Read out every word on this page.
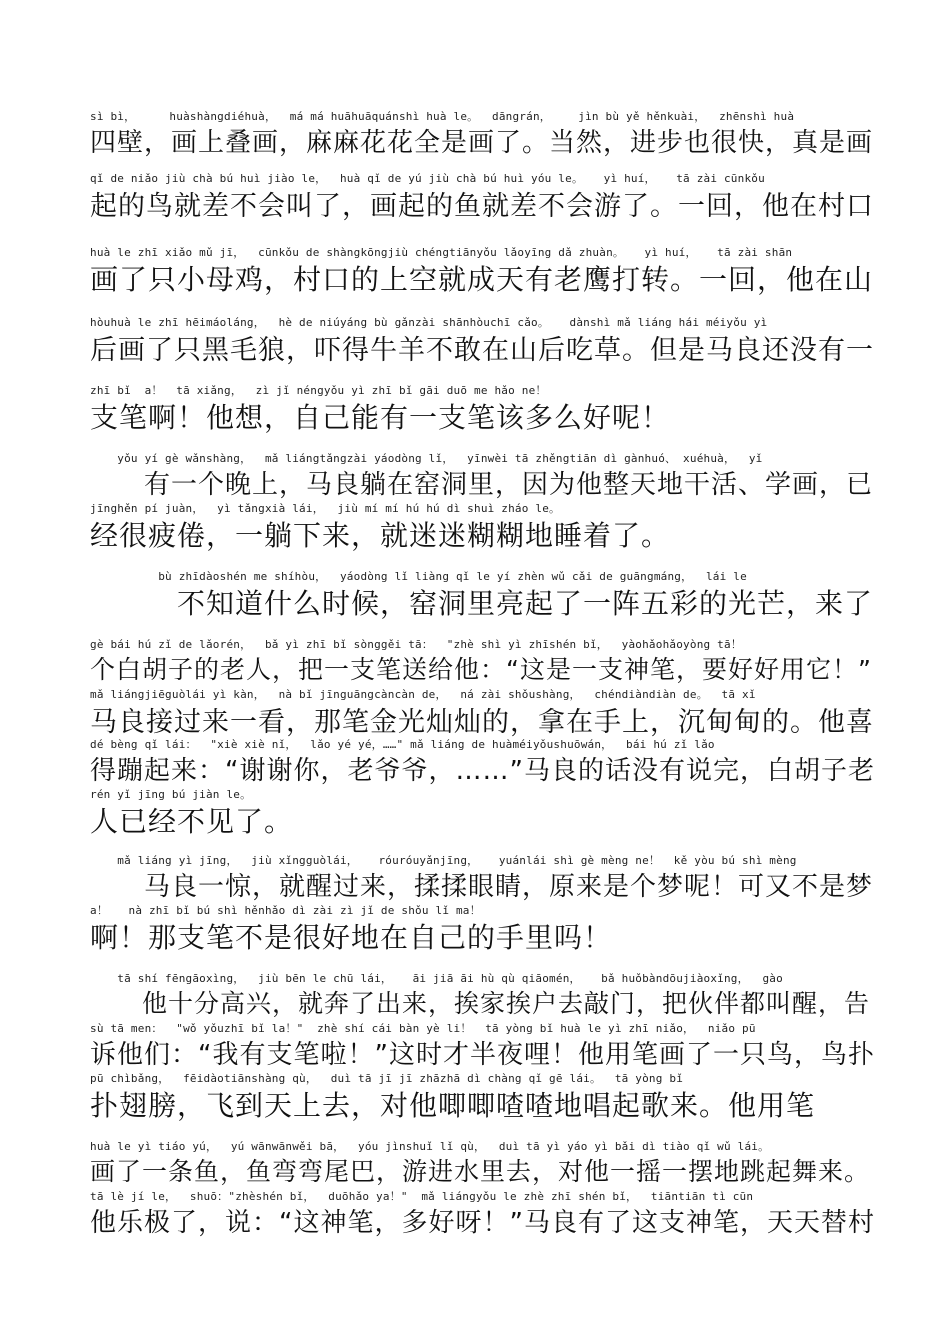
sì bì，     huàshàngdiéhuà，  má má huāhuāquánshì huà le。  dāngrán，    jìn bù yě hěnkuài，  zhēnshì huà
四壁，画上叠画，麻麻花花全是画了。当然，进步也很快，真是画
qǐ de niǎo jiù chà bú huì jiào le，  huà qǐ de yú jiù chà bú huì yóu le。   yì huí，   tā zài cūnkǒu
起的鸟就差不会叫了，画起的鱼就差不会游了。一回，他在村口
huà le zhī xiǎo mǔ jī，  cūnkǒu de shàngkōngjiù chéngtiānyǒu lǎoyīng dǎ zhuàn。   yì huí，   tā zài shān
画了只小母鸡，村口的上空就成天有老鹰打转。一回，他在山
hòuhuà le zhī hēimáoláng，  hè de niúyáng bù gǎnzài shānhòuchī cǎo。   dànshì mǎ liáng hái méiyǒu yì
后画了只黑毛狼，吓得牛羊不敢在山后吃草。但是马良还没有一
zhī bǐ  a！  tā xiǎng，  zì jǐ néngyǒu yì zhī bǐ gāi duō me hǎo ne！
支笔啊！他想，自己能有一支笔该多么好呢！
yǒu yí gè wǎnshàng，  mǎ liángtǎngzài yáodòng lǐ，  yīnwèi tā zhěngtiān dì gànhuó、 xuéhuà，  yǐ
　　有一个晚上，马良躺在窑洞里，因为他整天地干活、学画，已
jīnghěn pí juàn，  yì tǎngxià lái，  jiù mí mí hú hú dì shuì zháo le。
经很疲倦，一躺下来，就迷迷糊糊地睡着了。
bù zhīdàoshén me shíhòu，  yáodòng lǐ liàng qǐ le yí zhèn wǔ cǎi de guāngmáng，  lái le
　　　不知道什么时候，窑洞里亮起了一阵五彩的光芒，来了
gè bái hú zǐ de lǎorén，  bǎ yì zhī bǐ sònggěi tā：  "zhè shì yì zhīshén bǐ，  yàohǎohǎoyòng tā！
个白胡子的老人，把一支笔送给他：“这是一支神笔，要好好用它！”
mǎ liángjiēguòlái yì kàn，  nà bǐ jīnguāngcàncàn de，  ná zài shǒushàng，  chéndiàndiàn de。  tā xǐ
马良接过来一看，那笔金光灿灿的，拿在手上，沉甸甸的。他喜
dé bèng qǐ lái：  "xiè xiè nǐ，  lǎo yé yé，……" mǎ liáng de huàméiyǒushuōwán，  bái hú zǐ lǎo
得蹦起来：“谢谢你，老爷爷，……”马良的话没有说完，白胡子老
rén yǐ jīng bú jiàn le。
人已经不见了。
mǎ liáng yì jīng，  jiù xǐngguòlái，   róuróuyǎnjīng，   yuánlái shì gè mèng ne！  kě yòu bú shì mèng
　　马良一惊，就醒过来，揉揉眼睛，原来是个梦呢！可又不是梦
a！   nà zhī bǐ bú shì hěnhǎo dì zài zì jǐ de shǒu lǐ ma！
啊！那支笔不是很好地在自己的手里吗！
tā shí fēngāoxìng，  jiù bēn le chū lái，   āi jiā āi hù qù qiāomén，   bǎ huǒbàndōujiàoxǐng，  gào
　　他十分高兴，就奔了出来，挨家挨户去敲门，把伙伴都叫醒，告
sù tā men：  "wǒ yǒuzhī bǐ la！"  zhè shí cái bàn yè li！  tā yòng bǐ huà le yì zhī niǎo，  niǎo pū
诉他们：“我有支笔啦！”这时才半夜哩！他用笔画了一只鸟，鸟扑
pū chìbǎng，  fēidàotiānshàng qù，  duì tā jī jī zhāzhā dì chàng qǐ gē lái。  tā yòng bǐ
扑翅膀，飞到天上去，对他唧唧喳喳地唱起歌来。他用笔
huà le yì tiáo yú，  yú wānwānwěi bā，  yóu jìnshuǐ lǐ qù，  duì tā yì yáo yì bǎi dì tiào qǐ wǔ lái。
画了一条鱼，鱼弯弯尾巴，游进水里去，对他一摇一摆地跳起舞来。
tā lè jí le，  shuō："zhèshén bǐ，  duōhǎo ya！"  mǎ liángyǒu le zhè zhī shén bǐ，  tiāntiān tì cūn
他乐极了，说：“这神笔，多好呀！”马良有了这支神笔，天天替村
